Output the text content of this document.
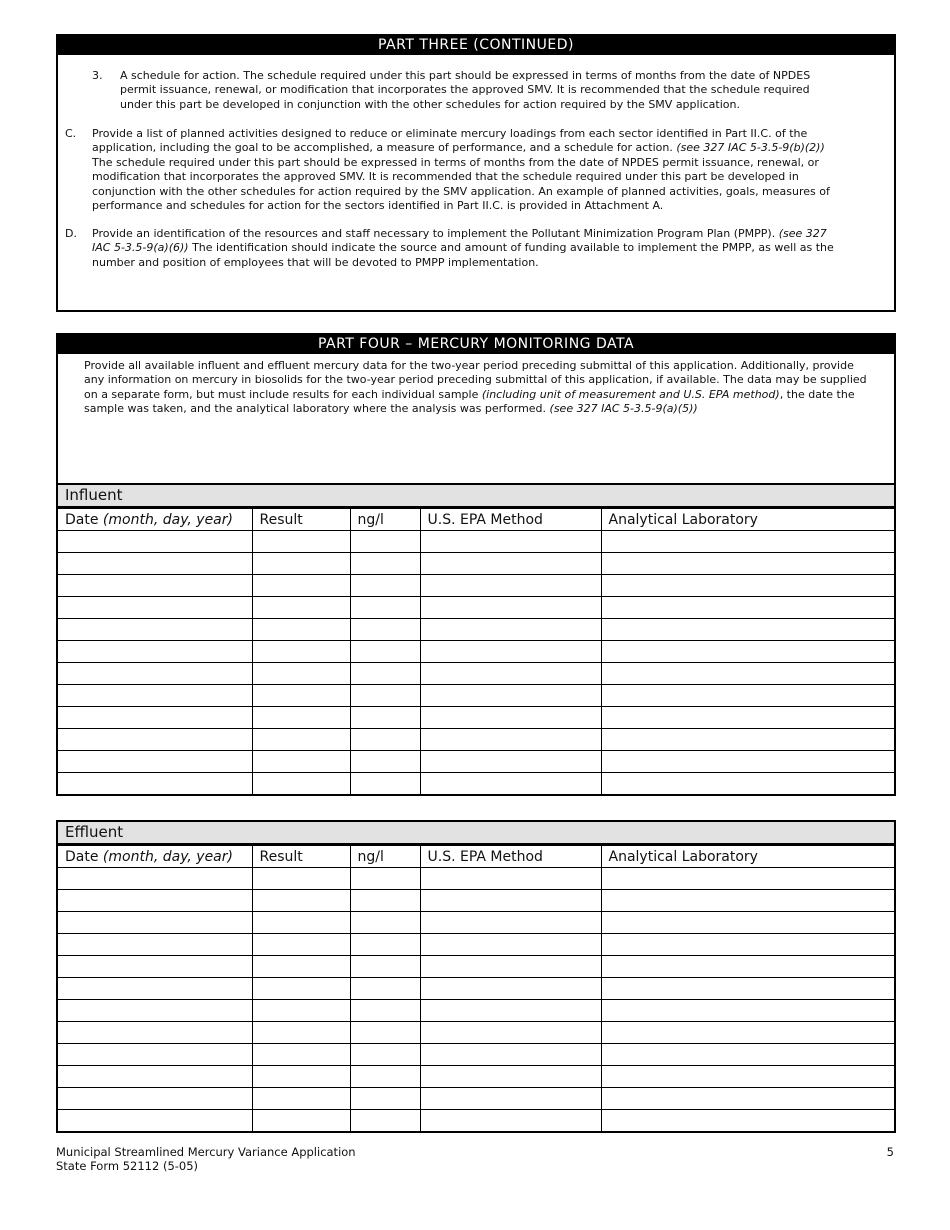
PART THREE (CONTINUED)
3. A schedule for action. The schedule required under this part should be expressed in terms of months from the date of NPDES permit issuance, renewal, or modification that incorporates the approved SMV. It is recommended that the schedule required under this part be developed in conjunction with the other schedules for action required by the SMV application.
C. Provide a list of planned activities designed to reduce or eliminate mercury loadings from each sector identified in Part II.C. of the application, including the goal to be accomplished, a measure of performance, and a schedule for action. (see 327 IAC 5-3.5-9(b)(2)) The schedule required under this part should be expressed in terms of months from the date of NPDES permit issuance, renewal, or modification that incorporates the approved SMV. It is recommended that the schedule required under this part be developed in conjunction with the other schedules for action required by the SMV application. An example of planned activities, goals, measures of performance and schedules for action for the sectors identified in Part II.C. is provided in Attachment A.
D. Provide an identification of the resources and staff necessary to implement the Pollutant Minimization Program Plan (PMPP). (see 327 IAC 5-3.5-9(a)(6)) The identification should indicate the source and amount of funding available to implement the PMPP, as well as the number and position of employees that will be devoted to PMPP implementation.
PART FOUR – MERCURY MONITORING DATA
Provide all available influent and effluent mercury data for the two-year period preceding submittal of this application. Additionally, provide any information on mercury in biosolids for the two-year period preceding submittal of this application, if available. The data may be supplied on a separate form, but must include results for each individual sample (including unit of measurement and U.S. EPA method), the date the sample was taken, and the analytical laboratory where the analysis was performed. (see 327 IAC 5-3.5-9(a)(5))
Influent
Date (month, day, year)	Result	ng/l	U.S. EPA Method	Analytical Laboratory

Effluent
Date (month, day, year)	Result	ng/l	U.S. EPA Method	Analytical Laboratory

Municipal Streamlined Mercury Variance Application
State Form 52112 (5-05)
5
